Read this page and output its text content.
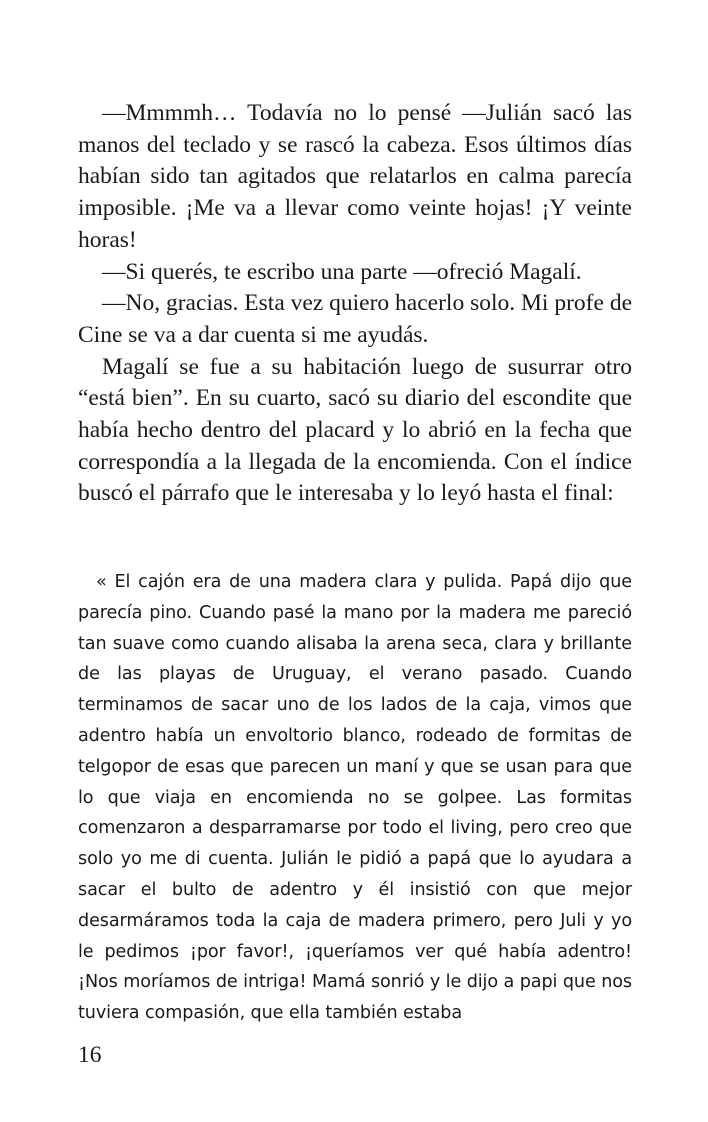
—Mmmmh… Todavía no lo pensé —Julián sacó las manos del teclado y se rascó la cabeza. Esos últimos días habían sido tan agitados que relatarlos en calma parecía imposible. ¡Me va a llevar como veinte hojas! ¡Y veinte horas!

—Si querés, te escribo una parte —ofreció Magalí.

—No, gracias. Esta vez quiero hacerlo solo. Mi profe de Cine se va a dar cuenta si me ayudás.

Magalí se fue a su habitación luego de susurrar otro “está bien”. En su cuarto, sacó su diario del escondite que había hecho dentro del placard y lo abrió en la fecha que correspondía a la llegada de la encomienda. Con el índice buscó el párrafo que le interesaba y lo leyó hasta el final:

« El cajón era de una madera clara y pulida. Papá dijo que parecía pino. Cuando pasé la mano por la madera me pareció tan suave como cuando alisaba la arena seca, clara y brillante de las playas de Uruguay, el verano pasado. Cuando terminamos de sacar uno de los lados de la caja, vimos que adentro había un envoltorio blanco, rodeado de formitas de telgopor de esas que parecen un maní y que se usan para que lo que viaja en encomienda no se golpee. Las formitas comenzaron a desparramarse por todo el living, pero creo que solo yo me di cuenta. Julián le pidió a papá que lo ayudara a sacar el bulto de adentro y él insistió con que mejor desarmáramos toda la caja de madera primero, pero Juli y yo le pedimos ¡por favor!, ¡queríamos ver qué había adentro! ¡Nos moríamos de intriga! Mamá sonrió y le dijo a papi que nos tuviera compasión, que ella también estaba

16
